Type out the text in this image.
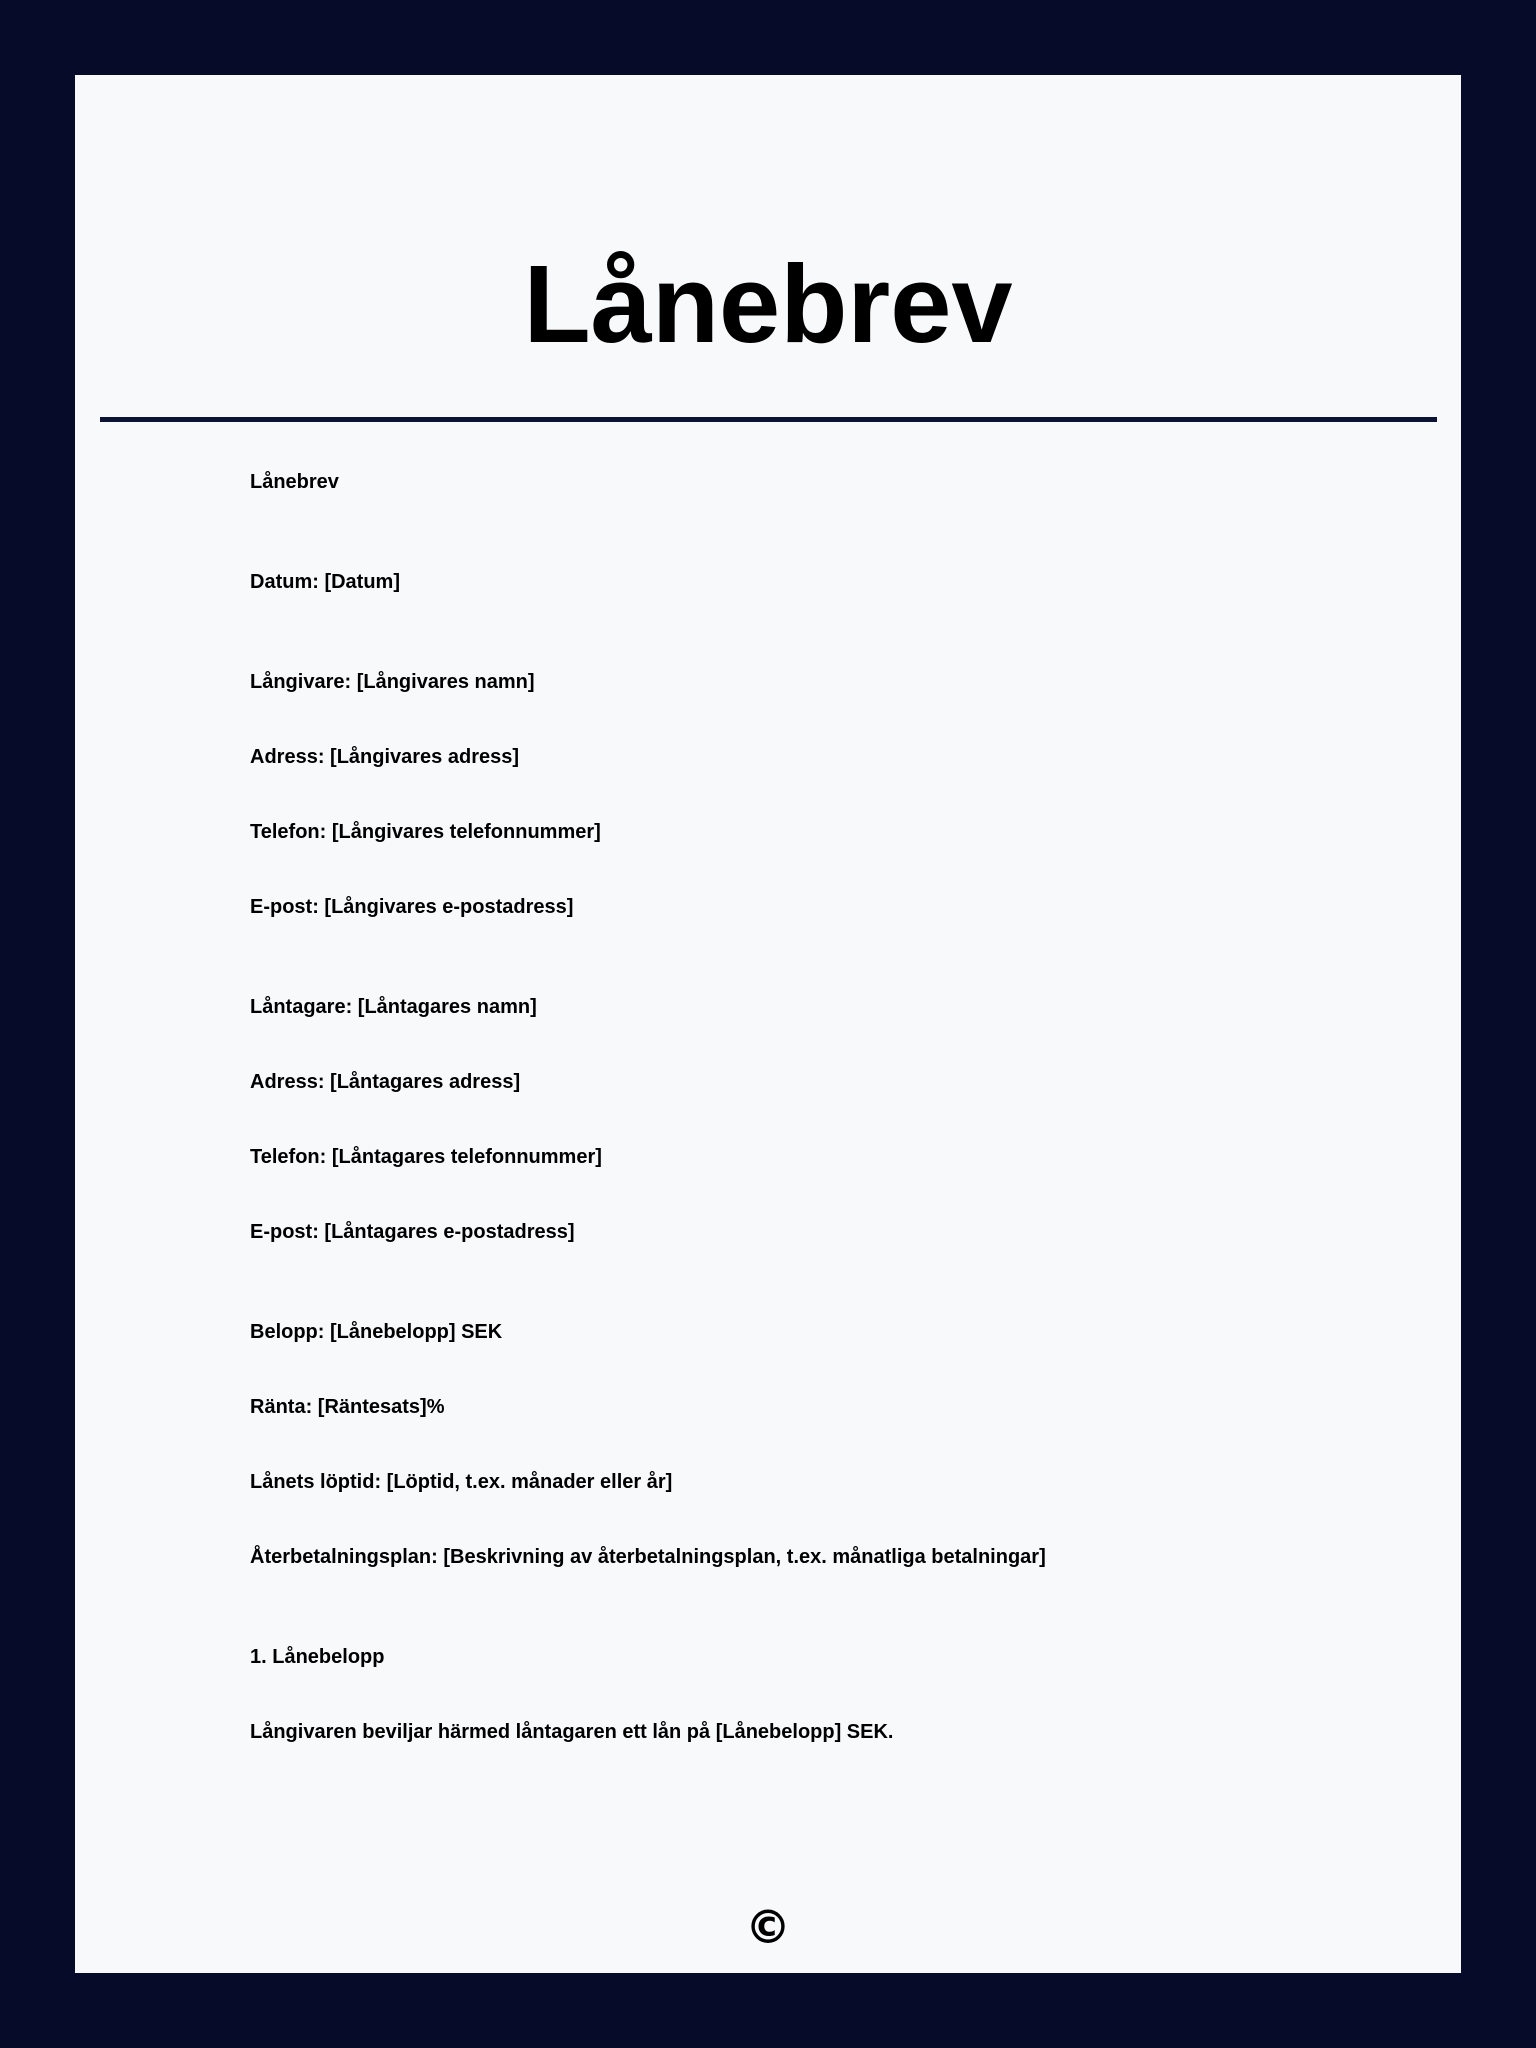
Lånebrev

Lånebrev

Datum: [Datum]

Långivare: [Långivares namn]

Adress: [Långivares adress]

Telefon: [Långivares telefonnummer]

E-post: [Långivares e-postadress]

Låntagare: [Låntagares namn]

Adress: [Låntagares adress]

Telefon: [Låntagares telefonnummer]

E-post: [Låntagares e-postadress]

Belopp: [Lånebelopp] SEK

Ränta: [Räntesats]%

Lånets löptid: [Löptid, t.ex. månader eller år]

Återbetalningsplan: [Beskrivning av återbetalningsplan, t.ex. månatliga betalningar]

1. Lånebelopp

Långivaren beviljar härmed låntagaren ett lån på [Lånebelopp] SEK.

©
